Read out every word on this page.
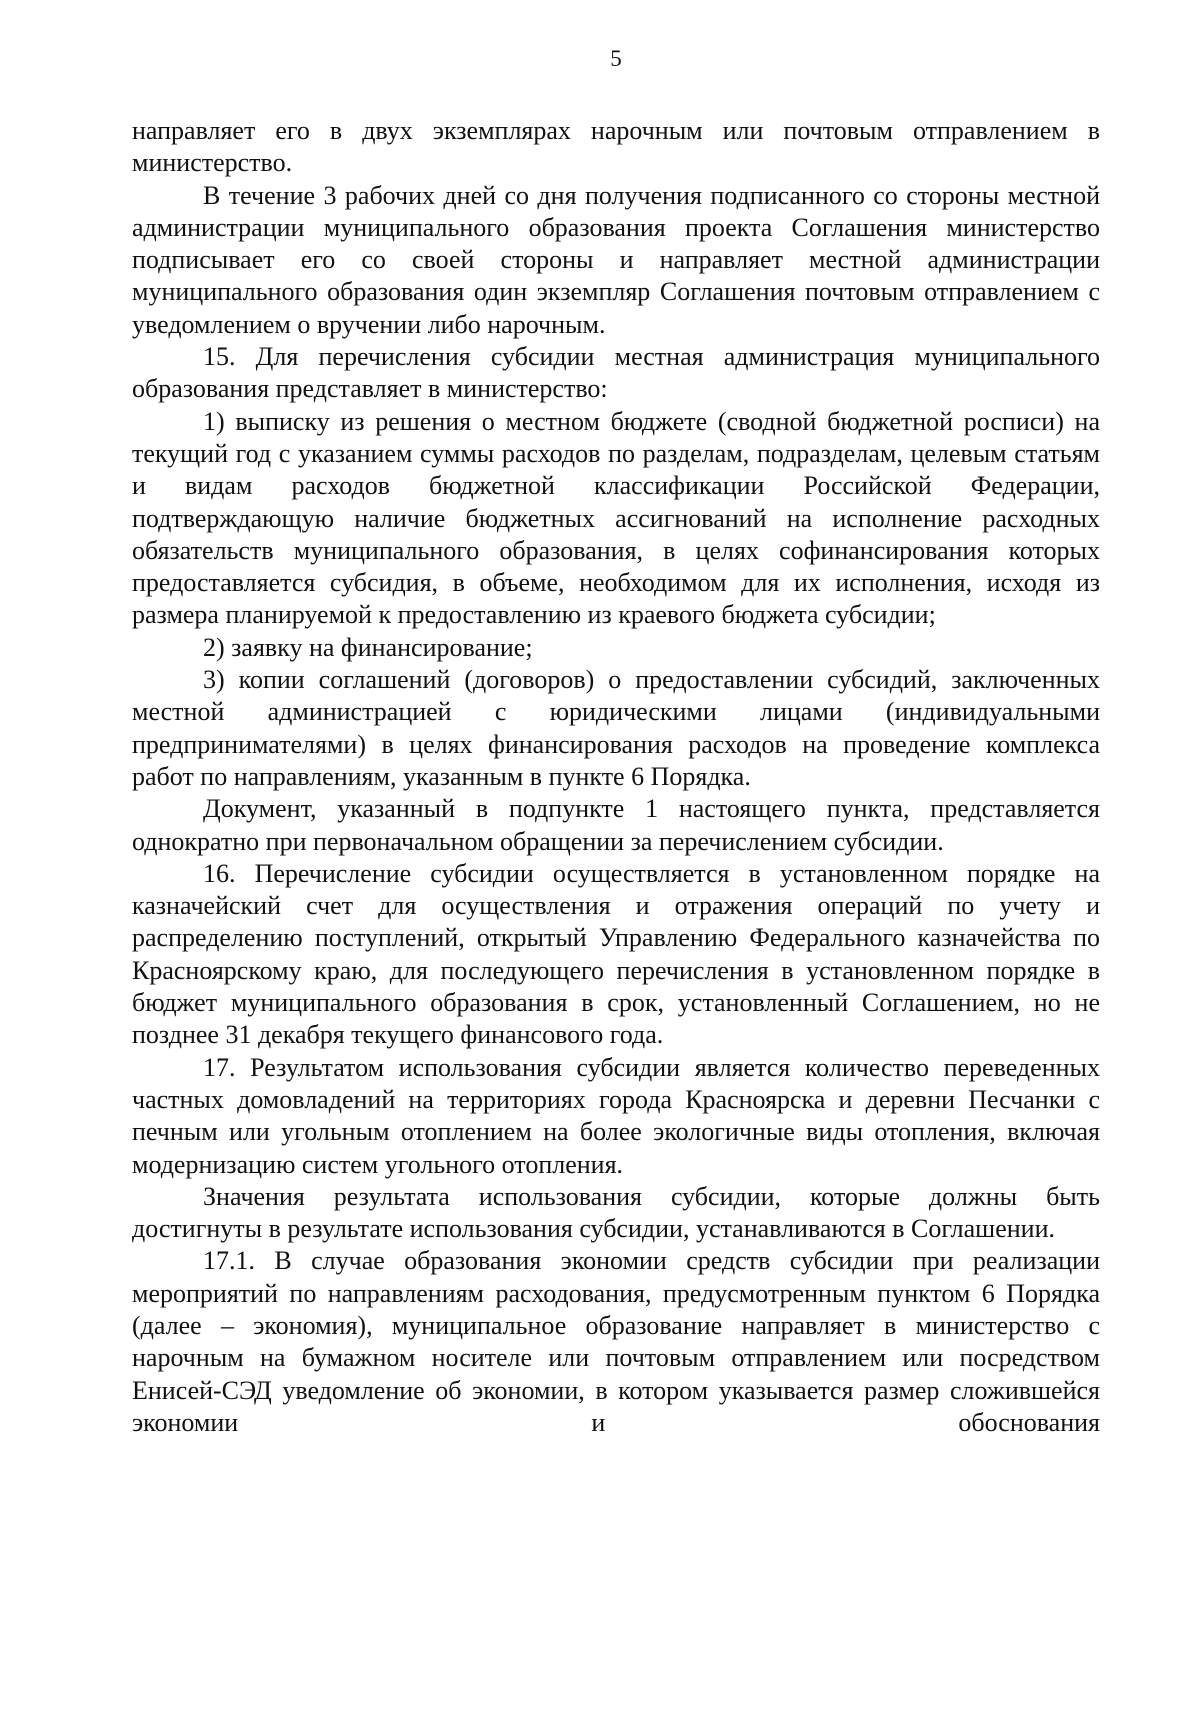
5

направляет его в двух экземплярах нарочным или почтовым отправлением в министерство.

В течение 3 рабочих дней со дня получения подписанного со стороны местной администрации муниципального образования проекта Соглашения министерство подписывает его со своей стороны и направляет местной администрации муниципального образования один экземпляр Соглашения почтовым отправлением с уведомлением о вручении либо нарочным.

15. Для перечисления субсидии местная администрация муниципального образования представляет в министерство:

1) выписку из решения о местном бюджете (сводной бюджетной росписи) на текущий год с указанием суммы расходов по разделам, подразделам, целевым статьям и видам расходов бюджетной классификации Российской Федерации, подтверждающую наличие бюджетных ассигнований на исполнение расходных обязательств муниципального образования, в целях софинансирования которых предоставляется субсидия, в объеме, необходимом для их исполнения, исходя из размера планируемой к предоставлению из краевого бюджета субсидии;

2) заявку на финансирование;

3) копии соглашений (договоров) о предоставлении субсидий, заключенных местной администрацией с юридическими лицами (индивидуальными предпринимателями) в целях финансирования расходов на проведение комплекса работ по направлениям, указанным в пункте 6 Порядка.

Документ, указанный в подпункте 1 настоящего пункта, представляется однократно при первоначальном обращении за перечислением субсидии.

16. Перечисление субсидии осуществляется в установленном порядке на казначейский счет для осуществления и отражения операций по учету и распределению поступлений, открытый Управлению Федерального казначейства по Красноярскому краю, для последующего перечисления в установленном порядке в бюджет муниципального образования в срок, установленный Соглашением, но не позднее 31 декабря текущего финансового года.

17. Результатом использования субсидии является количество переведенных частных домовладений на территориях города Красноярска и деревни Песчанки с печным или угольным отоплением на более экологичные виды отопления, включая модернизацию систем угольного отопления.

Значения результата использования субсидии, которые должны быть достигнуты в результате использования субсидии, устанавливаются в Соглашении.

17.1. В случае образования экономии средств субсидии при реализации мероприятий по направлениям расходования, предусмотренным пунктом 6 Порядка (далее – экономия), муниципальное образование направляет в министерство с нарочным на бумажном носителе или почтовым отправлением или посредством Енисей-СЭД уведомление об экономии, в котором указывается размер сложившейся экономии и обоснования
